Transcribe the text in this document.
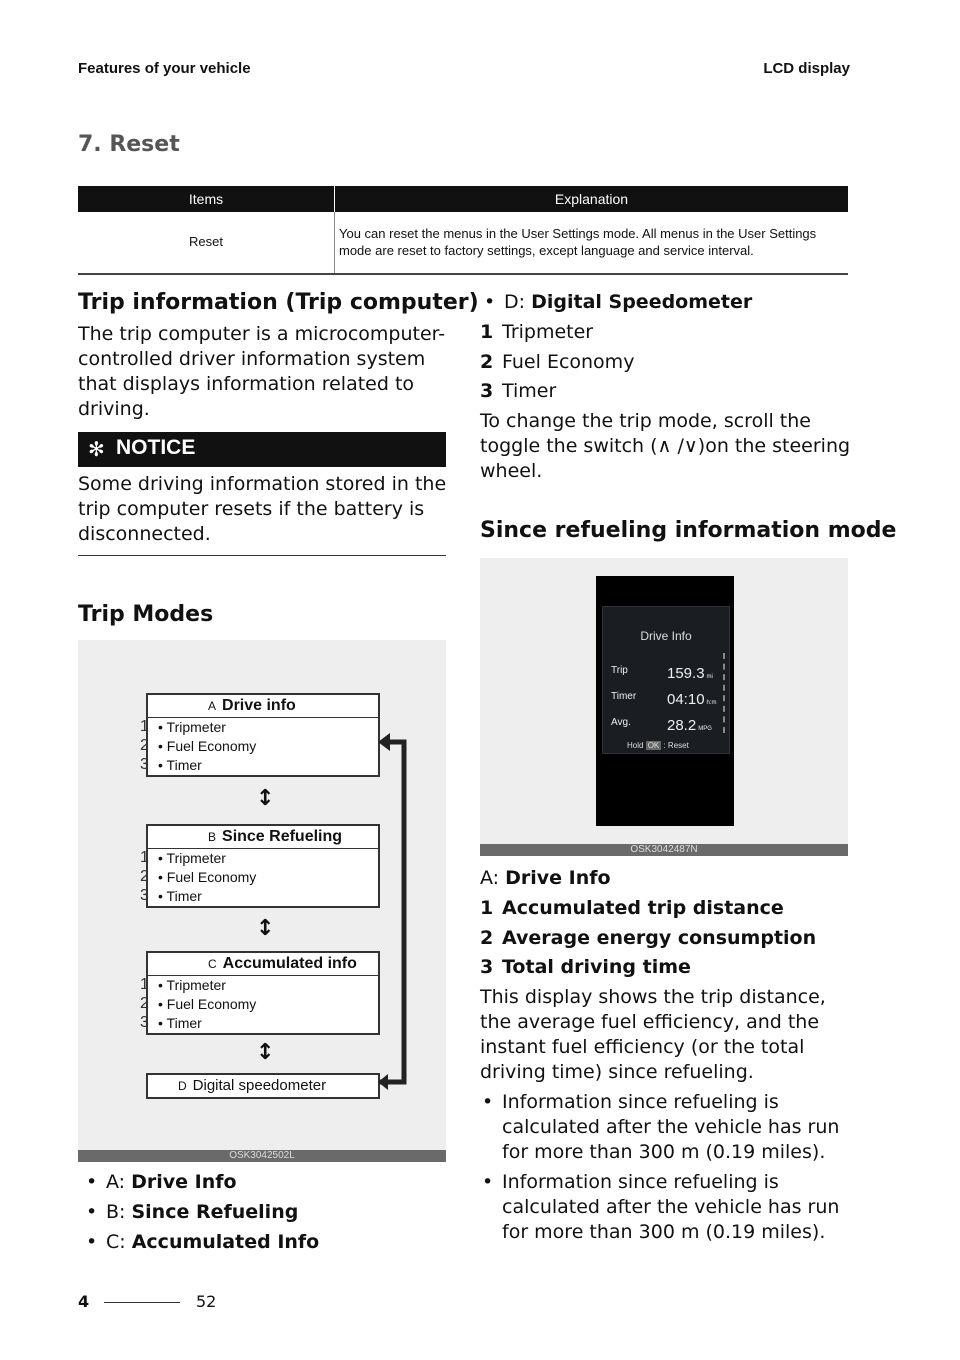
Features of your vehicle	LCD display
7. Reset
Items	Explanation
Reset	You can reset the menus in the User Settings mode. All menus in the User Settings mode are reset to factory settings, except language and service interval.
Trip information (Trip computer)
The trip computer is a microcomputer-controlled driver information system that displays information related to driving.
✻ NOTICE
Some driving information stored in the trip computer resets if the battery is disconnected.
Trip Modes
A Drive info
• Tripmeter
• Fuel Economy
• Timer
1
2
3
↕
B Since Refueling
• Tripmeter
• Fuel Economy
• Timer
1
2
3
↕
C Accumulated info
• Tripmeter
• Fuel Economy
• Timer
1
2
3
↕
D Digital speedometer
OSK3042502L
• A: Drive Info
• B: Since Refueling
• C: Accumulated Info
• D: Digital Speedometer
1 Tripmeter
2 Fuel Economy
3 Timer
To change the trip mode, scroll the toggle the switch (∧ /∨)on the steering wheel.
Since refueling information mode
Drive Info
Trip	159.3 mi
Timer 04:10 h:m
Avg. 28.2 MPG
Hold OK : Reset
OSK3042487N
A: Drive Info
1 Accumulated trip distance
2 Average energy consumption
3 Total driving time
This display shows the trip distance, the average fuel efficiency, and the instant fuel efficiency (or the total driving time) since refueling.
• Information since refueling is calculated after the vehicle has run for more than 300 m (0.19 miles).
• Information since refueling is calculated after the vehicle has run for more than 300 m (0.19 miles).
4	52
